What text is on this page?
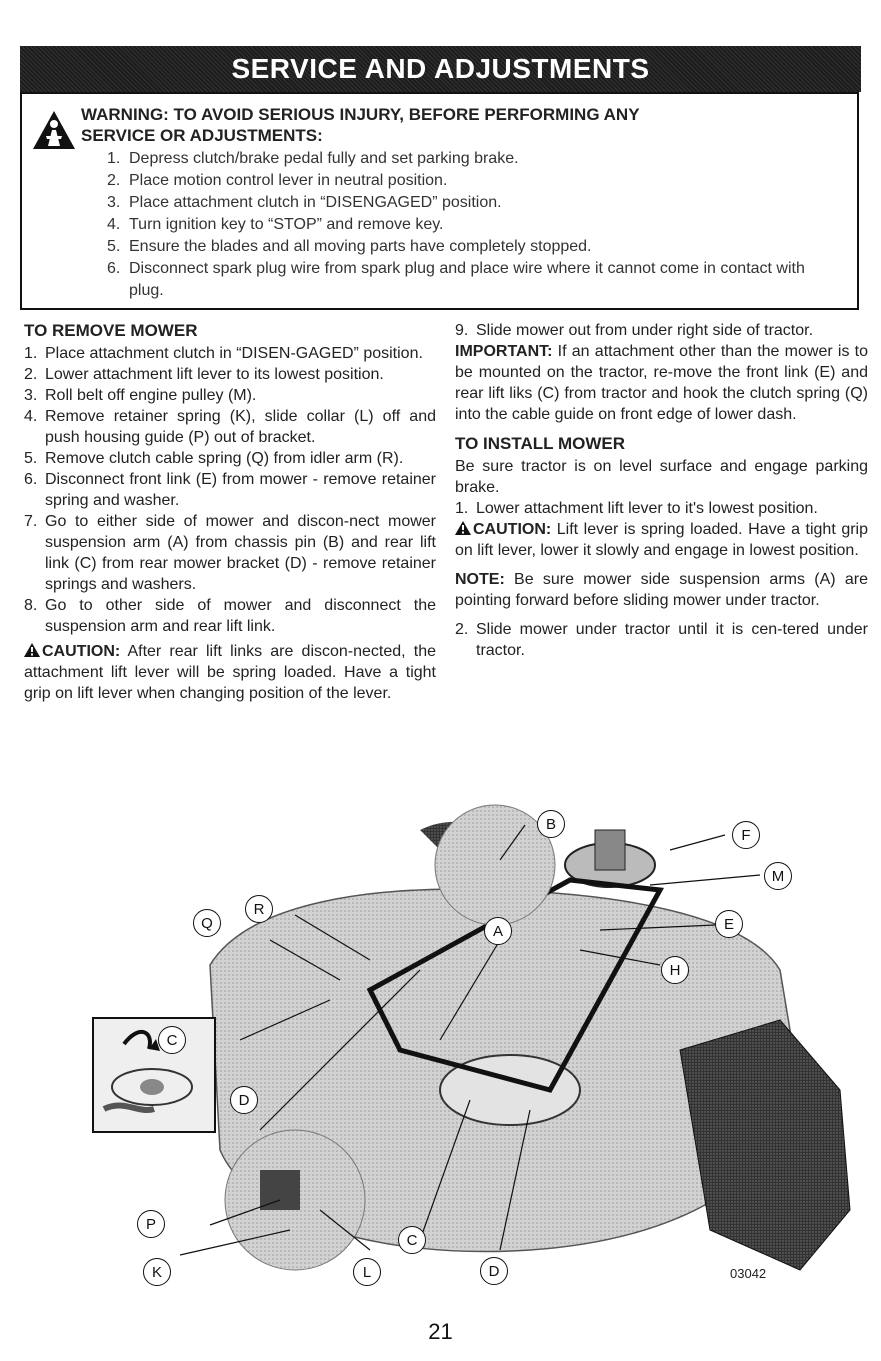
SERVICE AND ADJUSTMENTS
WARNING: TO AVOID SERIOUS INJURY, BEFORE PERFORMING ANY
SERVICE OR ADJUSTMENTS:
1. Depress clutch/brake pedal fully and set parking brake.
2. Place motion control lever in neutral position.
3. Place attachment clutch in “DISENGAGED” position.
4. Turn ignition key to “STOP” and remove key.
5. Ensure the blades and all moving parts have completely stopped.
6. Disconnect spark plug wire from spark plug and place wire where it cannot come in contact with plug.
TO REMOVE MOWER
1. Place attachment clutch in “DISEN-GAGED” position.
2. Lower attachment lift lever to its lowest position.
3. Roll belt off engine pulley (M).
4. Remove retainer spring (K), slide collar (L) off and push housing guide (P) out of bracket.
5. Remove clutch cable spring (Q) from idler arm (R).
6. Disconnect front link (E) from mower - remove retainer spring and washer.
7. Go to either side of mower and discon-nect mower suspension arm (A) from chassis pin (B) and rear lift link (C) from rear mower bracket (D) - remove retainer springs and washers.
8. Go to other side of mower and disconnect the suspension arm and rear lift link.

CAUTION: After rear lift links are discon-nected, the attachment lift lever will be spring loaded. Have a tight grip on lift lever when changing position of the lever.

9. Slide mower out from under right side of tractor.

IMPORTANT: If an attachment other than the mower is to be mounted on the tractor, re-move the front link (E) and rear lift liks (C) from tractor and hook the clutch spring (Q) into the cable guide on front edge of lower dash.

TO INSTALL MOWER

Be sure tractor is on level surface and engage parking brake.

1. Lower attachment lift lever to it's lowest position.

CAUTION: Lift lever is spring loaded. Have a tight grip on lift lever, lower it slowly and engage in lowest position.

NOTE: Be sure mower side suspension arms (A) are pointing forward before sliding mower under tractor.

2. Slide mower under tractor until it is cen-tered under tractor.
B
F
M
Q
R
A	E
H
C
D
P
K	L
C
D	03042
21
